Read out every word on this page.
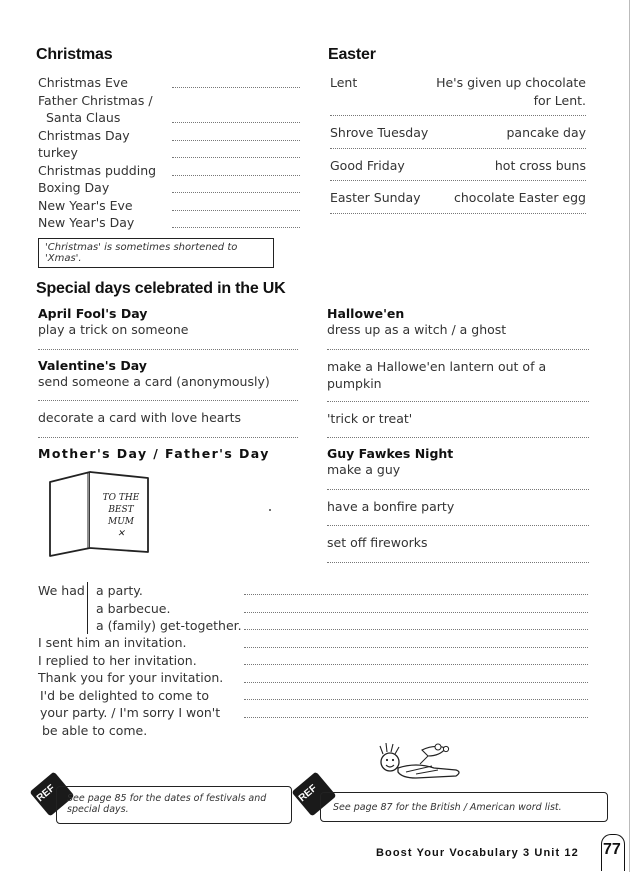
Christmas
Christmas Eve
Father Christmas /
Santa Claus
Christmas Day
turkey
Christmas pudding
Boxing Day
New Year's Eve
New Year's Day
'Christmas' is sometimes shortened to 'Xmas'.
Easter
Lent	He's given up chocolate
for Lent.
Shrove Tuesday	pancake day
Good Friday	hot cross buns
Easter Sunday	chocolate Easter egg
Special days celebrated in the UK
April Fool's Day
play a trick on someone
Valentine's Day
send someone a card (anonymously)
decorate a card with love hearts
Mother's Day / Father's Day
TO THE
BEST
MUM
✕
Hallowe'en
dress up as a witch / a ghost
make a Hallowe'en lantern out of a
pumpkin
'trick or treat'
Guy Fawkes Night
make a guy
have a bonfire party
set off fireworks
We had a party.
a barbecue.
a (family) get-together.
I sent him an invitation.
I replied to her invitation.
Thank you for your invitation.
I'd be delighted to come to
your party. / I'm sorry I won't
be able to come.
REF See page 85 for the dates of festivals and
special days.
REF
See page 87 for the British / American word list.
Boost Your Vocabulary 3 Unit 12 77
